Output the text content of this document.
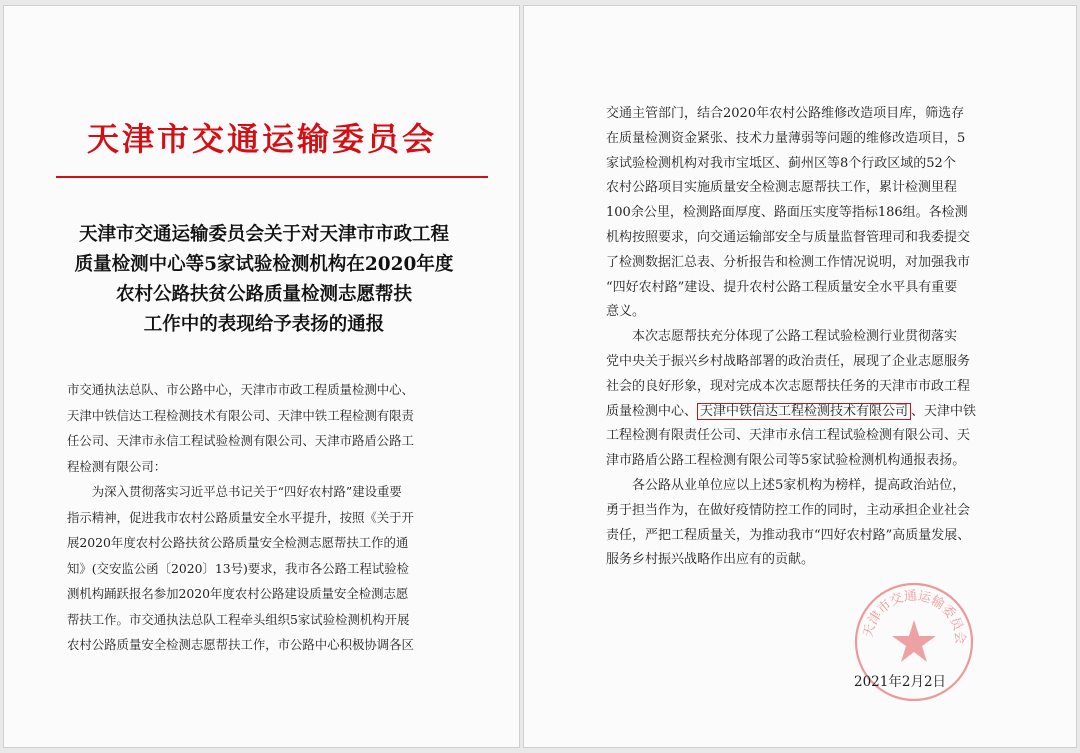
天津市交通运输委员会
天津市交通运输委员会关于对天津市市政工程
质量检测中心等5家试验检测机构在2020年度
农村公路扶贫公路质量检测志愿帮扶
工作中的表现给予表扬的通报
市交通执法总队、市公路中心，天津市市政工程质量检测中心、
天津中铁信达工程检测技术有限公司、天津中铁工程检测有限责
任公司、天津市永信工程试验检测有限公司、天津市路盾公路工
程检测有限公司：
　　为深入贯彻落实习近平总书记关于“四好农村路”建设重要
指示精神，促进我市农村公路质量安全水平提升，按照《关于开
展2020年度农村公路扶贫公路质量安全检测志愿帮扶工作的通
知》(交安监公函〔2020〕13号)要求，我市各公路工程试验检
测机构踊跃报名参加2020年度农村公路建设质量安全检测志愿
帮扶工作。市交通执法总队工程牵头组织5家试验检测机构开展
农村公路质量安全检测志愿帮扶工作，市公路中心积极协调各区
交通主管部门，结合2020年农村公路维修改造项目库，筛选存
在质量检测资金紧张、技术力量薄弱等问题的维修改造项目，5
家试验检测机构对我市宝坻区、蓟州区等8个行政区域的52个
农村公路项目实施质量安全检测志愿帮扶工作，累计检测里程
100余公里，检测路面厚度、路面压实度等指标186组。各检测
机构按照要求，向交通运输部安全与质量监督管理司和我委提交
了检测数据汇总表、分析报告和检测工作情况说明，对加强我市
“四好农村路”建设、提升农村公路工程质量安全水平具有重要
意义。
　　本次志愿帮扶充分体现了公路工程试验检测行业贯彻落实
党中央关于振兴乡村战略部署的政治责任，展现了企业志愿服务
社会的良好形象，现对完成本次志愿帮扶任务的天津市市政工程
质量检测中心、 天津中铁信达工程检测技术有限公司 、天津中铁
工程检测有限责任公司、天津市永信工程试验检测有限公司、天
津市路盾公路工程检测有限公司等5家试验检测机构通报表扬。
　　各公路从业单位应以上述5家机构为榜样，提高政治站位，
勇于担当作为，在做好疫情防控工作的同时，主动承担企业社会
责任，严把工程质量关，为推动我市“四好农村路”高质量发展、
服务乡村振兴战略作出应有的贡献。
天津市交通运输委员会
2021年2月2日
